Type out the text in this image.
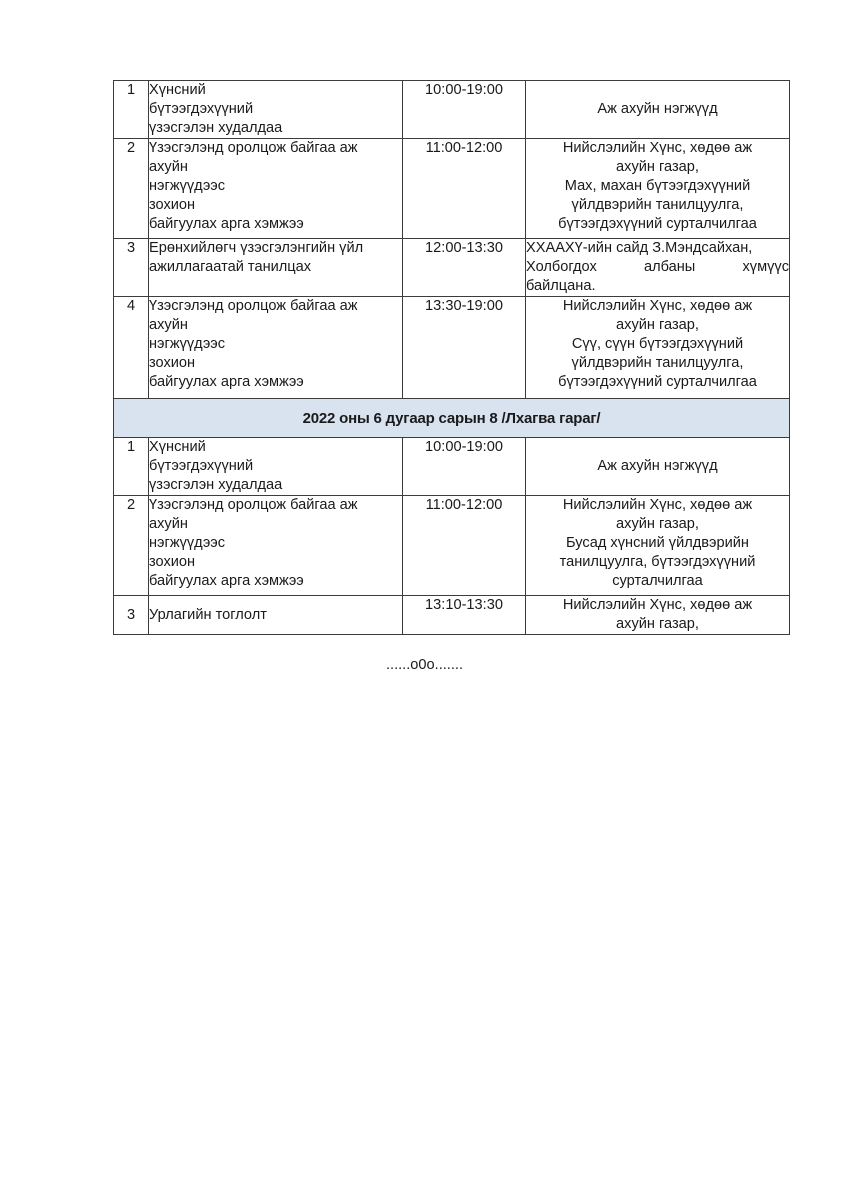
1	Хүнсний
бүтээгдэхүүний
үзэсгэлэн худалдаа	10:00-19:00	Аж ахуйн нэгжүүд
2	Үзэсгэлэнд оролцож байгаа аж
ахуйн
нэгжүүдээс
зохион
байгуулах арга хэмжээ	11:00-12:00	Нийслэлийн Хүнс, хөдөө аж
ахуйн газар,
Мах, махан бүтээгдэхүүний
үйлдвэрийн танилцуулга,
бүтээгдэхүүний сурталчилгаа

3	Ерөнхийлөгч үзэсгэлэнгийн үйл
ажиллагаатай танилцах	12:00-13:30	ХХААХҮ-ийн сайд З.Мэндсайхан,
Холбогдох албаны хүмүүс
байлцана.

4	Үзэсгэлэнд оролцож байгаа аж
ахуйн
нэгжүүдээс
зохион
байгуулах арга хэмжээ	13:30-19:00	Нийслэлийн Хүнс, хөдөө аж
ахуйн газар,
Сүү, сүүн бүтээгдэхүүний
үйлдвэрийн танилцуулга,
бүтээгдэхүүний сурталчилгаа

2022 оны 6 дугаар сарын 8 /Лхагва гараг/			
1	Хүнсний
бүтээгдэхүүний
үзэсгэлэн худалдаа	10:00-19:00	Аж ахуйн нэгжүүд
2	Үзэсгэлэнд оролцож байгаа аж
ахуйн
нэгжүүдээс
зохион
байгуулах арга хэмжээ	11:00-12:00	Нийслэлийн Хүнс, хөдөө аж
ахуйн газар,
Бусад хүнсний үйлдвэрийн
танилцуулга, бүтээгдэхүүний
сурталчилгаа

3	Урлагийн тоглолт	13:10-13:30	Нийслэлийн Хүнс, хөдөө аж
ахуйн газар,
......o0o.......
